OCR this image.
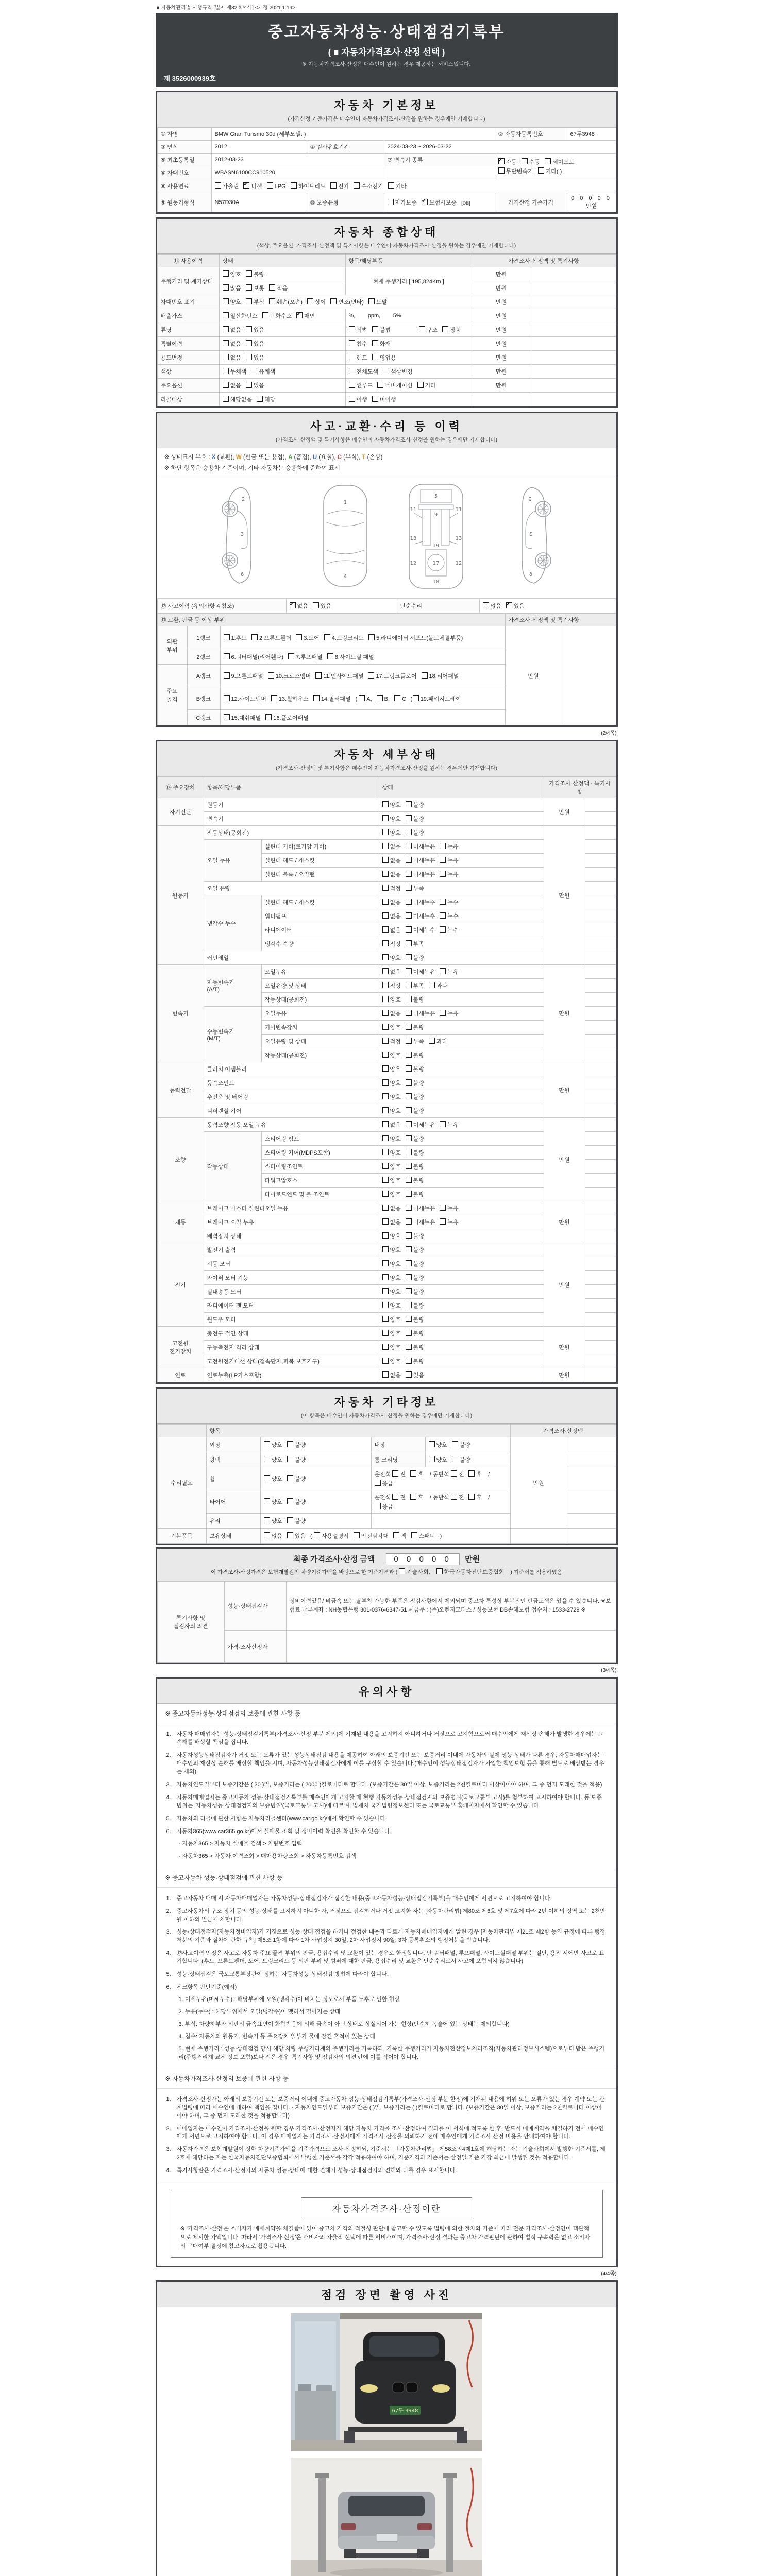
■ 자동차관리법 시행규칙 [별지 제82호서식] <개정 2021.1.19>
중고자동차성능·상태점검기록부
( ■ 자동차가격조사·산정 선택 )
※ 자동차가격조사·산정은 매수인이 원하는 경우 제공하는 서비스입니다.
제 3526000939호
자동차 기본정보
(가격산정 기준가격은 매수인이 자동차가격조사·산정을 원하는 경우에만 기재합니다)
① 차명	BMW Gran Turismo 30d (세부모델: )			② 자동차등록번호	67두3948
③ 연식	2012	④ 검사유효기간	2024-03-23 ~ 2026-03-22		
⑤ 최초등록일	2012-03-23		⑦ 변속기 종류	✔자동 수동 세미오토무단변속기 기타( )
⑥ 차대번호	WBASN6100CC910520				
⑧ 사용연료	가솔린 ✔ 디젤 LPG 하이브리드 전기 수소전기 기타
⑨ 원동기형식	N57D30A	⑩ 보증유형	자가보증 ✔ 보험사보증 [DB]	가격산정 기준가격	0 0 0 0 0 만원
자동차 종합상태
(색상, 주요옵션, 가격조사·산정액 및 특기사항은 매수인이 자동차가격조사·산정을 원하는 경우에만 기재합니다)
⑪ 사용이력	상태	항목/해당부품	가격조사·산정액 및 특기사항	
주행거리 및 계기상태	양호 불량	현재 주행거리 [ 195,824Km ]	만원	
	많음 보통 적음		만원	
차대번호 표기	양호 부식 훼손(오손) 상이 변조(변타) 도말		만원	
배출가스	일산화탄소 탄화수소 ✔ 매연	%,        ppm,        5%	만원	
튜닝	없음 있음	적법 불법 구조 장치	만원	
특별이력	없음 있음	침수 화재	만원	
용도변경	없음 있음	렌트 영업용	만원	
색상	무채색 유채색	전체도색 색상변경	만원	
주요옵션	없음 있음	썬루프 네비게이션 기타	만원	
리콜대상	해당없음 해당	이행 미이행		
사고·교환·수리 등 이력
(가격조사·산정액 및 특기사항은 매수인이 자동차가격조사·산정을 원하는 경우에만 기재합니다)
※ 상태표시 부호 : X (교환), W (판금 또는 용접), A (흠집), U (요철), C (부식), T (손상)
※ 하단 항목은 승용차 기준이며, 기타 자동차는 승용차에 준하여 표시
2
3
6
1
4
5
9
11	11
13	13
19
12	12
17
18
2
3
6
⑫ 사고이력 (유의사항 4 참조)	✔없음 있음	단순수리	없음 ✔ 있음
⑬ 교환, 판금 등 이상 부위			가격조사·산정액 및 특기사항	
외판
부위	1랭크	1.후드 2.프론트휀더 3.도어 4.트렁크리드 5.라디에이터 서포트(볼트체결부품)	만원	
	2랭크	6.쿼터패널(리어휀다) 7.루프패널 8.사이드실 패널		
주요
골격	A랭크	9.프론트패널 10.크로스멤버 11.인사이드패널 17.트렁크플로어 18.리어패널		
	B랭크	12.사이드멤버 13.휠하우스 14.필러패널 ( A, B, C ) 19.패키지트레이		
	C랭크	15.대쉬패널 16.플로어패널		
(2/4쪽)
자동차 세부상태
(가격조사·산정액 및 특기사항은 매수인이 자동차가격조사·산정을 원하는 경우에만 기재합니다)
⑭ 주요장치	항목/해당부품		상태	가격조사·산정액 · 특기사항	
자기진단	원동기		양호 불량	만원	
	변속기		양호 불량		
원동기	작동상태(공회전)		양호 불량	만원	
	오일 누유	실린더 커버(로커암 커버)	없음 미세누유 누유		
		실린더 헤드 / 개스킷	없음 미세누유 누유		
		실린더 블록 / 오일팬	없음 미세누유 누유		
	오일 유량		적정 부족		
	냉각수 누수	실린더 헤드 / 개스킷	없음 미세누수 누수		
		워터펌프	없음 미세누수 누수		
		라디에이터	없음 미세누수 누수		
		냉각수 수량	적정 부족		
	커먼레일		양호 불량		
변속기	자동변속기
(A/T)	오일누유	없음 미세누유 누유	만원	
		오일유량 및 상태	적정 부족 과다		
		작동상태(공회전)	양호 불량		
	수동변속기
(M/T)	오일누유	없음 미세누유 누유		
		기어변속장치	양호 불량		
		오일유량 및 상태	적정 부족 과다		
		작동상태(공회전)	양호 불량		
동력전달	클러치 어셈블리		양호 불량	만원	
	등속조인트		양호 불량		
	추진축 및 베어링		양호 불량		
	디퍼렌셜 기어		양호 불량		
조향	동력조향 작동 오일 누유		없음 미세누유 누유	만원	
	작동상태	스티어링 펌프	양호 불량		
		스티어링 기어(MDPS포함)	양호 불량		
		스티어링조인트	양호 불량		
		파워고압호스	양호 불량		
		타이로드엔드 및 볼 조인트	양호 불량		
제동	브레이크 마스터 실린더오일 누유		없음 미세누유 누유	만원	
	브레이크 오일 누유		없음 미세누유 누유		
	배력장치 상태		양호 불량		
전기	발전기 출력		양호 불량	만원	
	시동 모터		양호 불량		
	와이퍼 모터 기능		양호 불량		
	실내송풍 모터		양호 불량		
	라디에이터 팬 모터		양호 불량		
	윈도우 모터		양호 불량		
고전원
전기장치	충전구 절연 상태		양호 불량	만원	
	구동축전지 격리 상태		양호 불량		
	고전원전기배선 상태(접속단자,피복,보호기구)		양호 불량		
연료	연료누출(LP가스포함)		없음 있음	만원	
자동차 기타정보
(이 항목은 매수인이 자동차가격조사·산정을 원하는 경우에만 기재합니다)
	항목				가격조사·산정액	
수리필요	외장	양호 불량	내장	양호 불량	만원	
	광택	양호 불량	룸 크리닝	양호 불량		
	휠	양호 불량	운전석 전 후 / 동반석 전 후 / 응급			
	타이어	양호 불량	운전석 전 후 / 동반석 전 후 / 응급			
	유리	양호 불량				
기본품목	보유상태	없음 있음 ( 사용설명서 안전삼각대 잭 스패너 )				
최종 가격조사·산정 금액 0 0 0 0 0 만원
이 가격조사·산정가격은 보험개발원의 차량기준가액을 바탕으로 한 기준가격과 ( 기술사회, 한국자동차진단보증협회 ) 기준서를 적용하였음
특기사항 및
점검자의 의견	성능·상태점검자	정비이력있음/ 비금속 또는 탈부착 가능한 부품은 점검사항에서 제외되며 중고차 특성상 부분적인 판금도색은 있을 수 있습니다. ※보험료 납부계좌 : NH농협은행 301-0376-6347-51 예금주 : (주)오렌지모터스 / 성능보험 DB손해보험 접수처 : 1533-2729 ※
	가격·조사산정자	
(3/4쪽)
유의사항
※ 중고자동차성능·상태점검의 보증에 관한 사항 등
1. 자동차 매매업자는 성능·상태점검기록부(가격조사·산정 부분 제외)에 기재된 내용을 고지하지 아니하거나 거짓으로 고지함으로써 매수인에게 재산상 손해가 발생한 경우에는 그 손해를 배상할 책임을 집니다.
2. 자동차성능상태점검자가 거짓 또는 오류가 있는 성능상태점검 내용을 제공하여 아래의 보증기간 또는 보증거리 이내에 자동차의 실제 성능·상태가 다른 경우, 자동차매매업자는 매수인의 재산상 손해를 배상할 책임을 지며, 자동차성능상태점검자에게 이를 구상할 수 있습니다.(매수인이 성능상태점검자가 가입한 책임보험 등을 통해 별도로 배상받는 경우는 제외)
3. 자동차인도일부터 보증기간은 ( 30 )일, 보증거리는 ( 2000 )킬로미터로 합니다. (보증기간은 30일 이상, 보증거리는 2천킬로미터 이상이어야 하며, 그 중 먼저 도래한 것을 적용)
4. 자동차매매업자는 중고자동차 성능·상태점검기록부를 매수인에게 고지할 때 현행 자동차성능·상태점검지의 보증범위(국토교통부 고시)를 첨부하여 고지하여야 합니다. 동 보증범위는 '자동차성능·상태점검지의 보증범위'(국토교통부 고시)에 따르며, 법제처 국가법령정보센터 또는 국토교통부 홈페이지에서 확인할 수 있습니다.
5. 자동차의 리콜에 관한 사항은 자동차리콜센터(www.car.go.kr)에서 확인할 수 있습니다.
6. 자동차365(www.car365.go.kr)에서 실매물 조회 및 정비이력 확인을 확인할 수 있습니다.
- 자동차365 > 자동차 실매물 검색 > 차량번호 입력
- 자동차365 > 자동차 이력조회 > 매매용차량조회 > 자동차등록번호 검색
※ 중고자동차 성능·상태점검에 관한 사항 등
1. 중고자동차 매매 시 자동차매매업자는 자동차성능·상태점검자가 점검한 내용(중고자동차성능·상태점검기록부)을 매수인에게 서면으로 고지하여야 합니다.
2. 중고자동차의 구조·장치 등의 성능·상태를 고지하지 아니한 자, 거짓으로 점검하거나 거짓 고지한 자는 [자동차관리법] 제80조 제6호 및 제7호에 따라 2년 이하의 징역 또는 2천만원 이하의 벌금에 처합니다.
3. 성능·상태점검자(자동차정비업자)가 거짓으로 성능·상태 점검을 하거나 점검한 내용과 다르게 자동차매매업자에게 알린 경우 [자동차관리법 제21조 제2항 등의 규정에 따른 행정처분의 기준과 절차에 관한 규칙] 제5조 1항에 따라 1차 사업정지 30일, 2차 사업정지 90일, 3차 등록취소의 행정처분을 받습니다.
4. ⑫사고이력 인정은 사고로 자동차 주요 골격 부위의 판금, 용접수리 및 교환이 있는 경우로 한정합니다. 단 쿼터패널, 루프패널, 사이드실패널 부위는 절단, 용접 시에만 사고로 표기합니다. (후드, 프론트펜더, 도어, 트렁크리드 등 외판 부위 및 범퍼에 대한 판금, 용접수리 및 교환은 단순수리로서 사고에 포함되지 않습니다)
5. 성능·상태점검은 국토교통부장관이 정하는 자동차성능·상태점검 방법에 따라야 합니다.
6. 체크항목 판단기준(예시)
1. 미세누유(미세누수) : 해당부위에 오일(냉각수)이 비치는 정도로서 부품 노후로 인한 현상
2. 누유(누수) : 해당부위에서 오일(냉각수)이 맺혀서 떨어지는 상태
3. 부식: 차량하부와 외판의 금속표면이 화학반응에 의해 금속이 아닌 상태로 상실되어 가는 현상(단순히 녹슬어 있는 상태는 제외합니다)
4. 침수: 자동차의 원동기, 변속기 등 주요장치 일부가 물에 잠긴 흔적이 있는 상태
5. 현재 주행거리 : 성능·상태점검 당시 해당 차량 주행거리계의 주행거리를 기록하되, 기록한 주행거리가 자동차전산정보처리조직(자동차관리정보시스템)으로부터 받은 주행거리(주행거리계 교체 정보 포함)보다 적은 경우 '특기사항 및 점검자의 의견'란에 이를 적어야 합니다.
※ 자동차가격조사·산정의 보증에 관한 사항 등
1. 가격조사·산정자는 아래의 보증기간 또는 보증거리 이내에 중고자동차 성능·상태점검기록부(가격조사·산정 부분 한정)에 기재된 내용에 허위 또는 오류가 있는 경우 계약 또는 관계법령에 따라 매수인에 대하여 책임을 집니다. · 자동차인도일부터 보증기간은 ( )일, 보증거리는 ( )킬로미터로 합니다. (보증기간은 30일 이상, 보증거리는 2천킬로미터 이상이어야 하며, 그 중 먼저 도래한 것을 적용합니다)
2. 매매업자는 매수인이 가격조사·산정을 원할 경우 가격조사·산정자가 해당 자동차 가격을 조사·산정하여 결과를 이 서식에 적도록 한 후, 반드시 매매계약을 체결하기 전에 매수인에게 서면으로 고지하여야 합니다. 이 경우 매매업자는 가격조사·산정자에게 가격조사·산정을 의뢰하기 전에 매수인에게 가격조사·산정 비용을 안내하여야 합니다.
3. 자동차가격은 보험개발원이 정한 차량기준가액을 기준가격으로 조사·산정하되, 기준서는 「자동차관리법」 제58조의4제1호에 해당하는 자는 기술사회에서 발행한 기준서를, 제2호에 해당하는 자는 한국자동차진단보증협회에서 발행한 기준서를 각각 적용하여야 하며, 기준가격과 기준서는 산정일 기준 가장 최근에 발행된 것을 적용합니다.
4. 특기사항란은 가격조사·산정자의 자동차 성능·상태에 대한 견해가 성능·상태점검자의 견해와 다를 경우 표시합니다.
자동차가격조사·산정이란
※ '가격조사·산정'은 소비자가 매매계약을 체결함에 있어 중고차 가격의 적절성 판단에 참고할 수 있도록 법령에 의한 절차와 기준에 따라 전문 가격조사·산정인이 객관적으로 제시한 가액입니다. 따라서 '가격조사·산정'은 소비자의 자율적 선택에 따른 서비스이며, 가격조사·산정 결과는 중고차 가격판단에 관하여 법적 구속력은 없고 소비자의 구매여부 결정에 참고자료로 활용됩니다.
(4/4쪽)
점검 장면 촬영 사진
67두 3948
